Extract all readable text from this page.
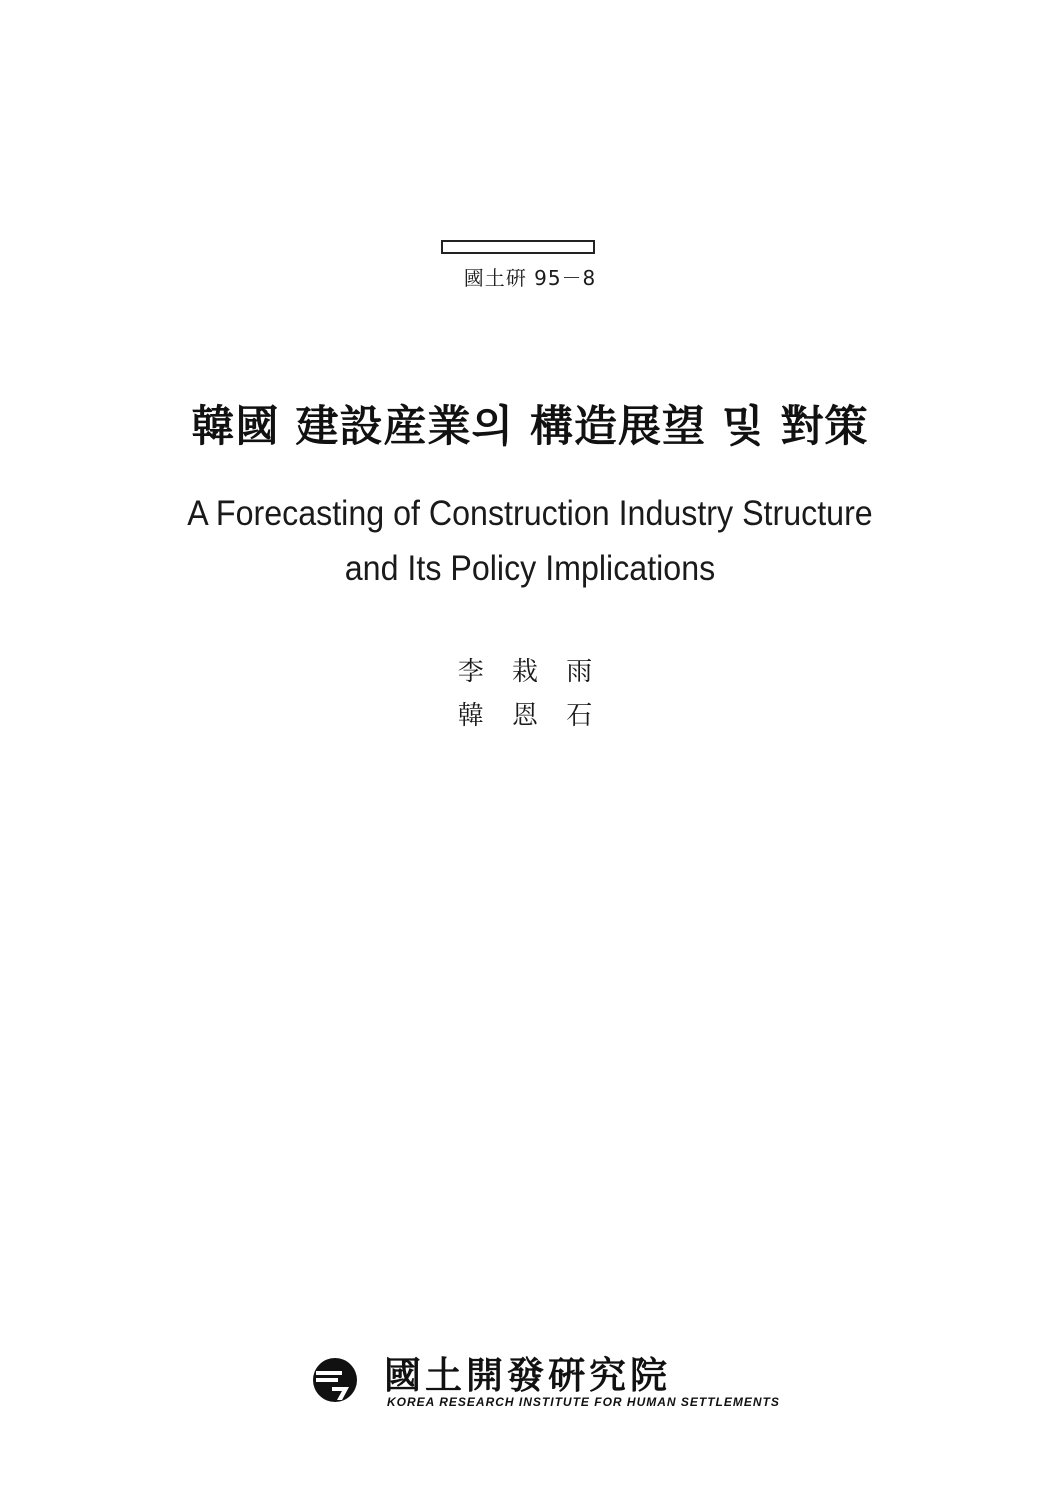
國土硏 95－8
韓國 建設産業의 構造展望 및 對策
A Forecasting of Construction Industry Structure
and Its Policy Implications
李 栽 雨
韓 恩 石
國土開發硏究院
KOREA RESEARCH INSTITUTE FOR HUMAN SETTLEMENTS
